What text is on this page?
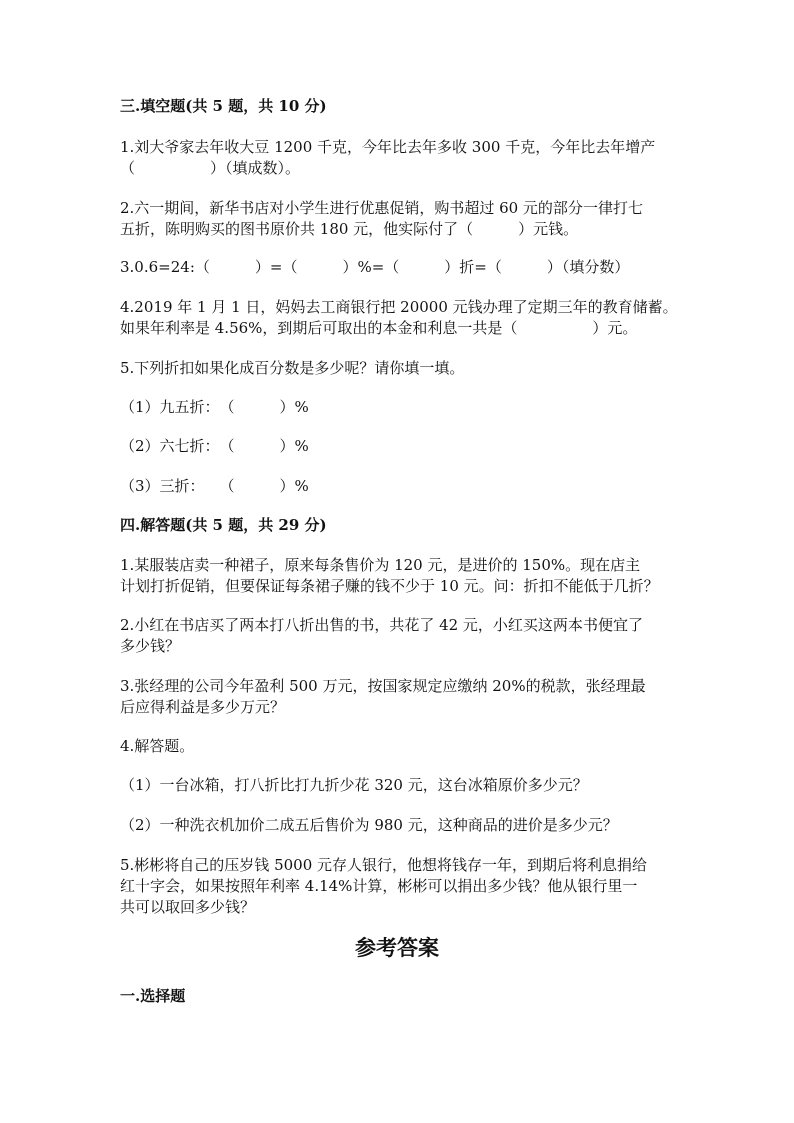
三.填空题(共 5 题，共 10 分)

1.刘大爷家去年收大豆 1200 千克，今年比去年多收 300 千克，今年比去年增产

（　　　　　）（填成数）。

2.六一期间，新华书店对小学生进行优惠促销，购书超过 60 元的部分一律打七

五折，陈明购买的图书原价共 180 元，他实际付了（　　　）元钱。

3.0.6=24:（　　　）=（　　　）%=（　　　）折=（　　　）（填分数）

4.2019 年 1 月 1 日，妈妈去工商银行把 20000 元钱办理了定期三年的教育储蓄。

如果年利率是 4.56%，到期后可取出的本金和利息一共是（　　　　　）元。

5.下列折扣如果化成百分数是多少呢？请你填一填。

（1）九五折：　（　　　）%

（2）六七折：　（　　　）%

（3）三折：　　（　　　）%

四.解答题(共 5 题，共 29 分)

1.某服装店卖一种裙子，原来每条售价为 120 元，是进价的 150%。现在店主

计划打折促销，但要保证每条裙子赚的钱不少于 10 元。问：折扣不能低于几折？

2.小红在书店买了两本打八折出售的书，共花了 42 元，小红买这两本书便宜了

多少钱？

3.张经理的公司今年盈利 500 万元，按国家规定应缴纳 20%的税款，张经理最

后应得利益是多少万元？

4.解答题。

（1）一台冰箱，打八折比打九折少花 320 元，这台冰箱原价多少元？

（2）一种洗衣机加价二成五后售价为 980 元，这种商品的进价是多少元？

5.彬彬将自己的压岁钱 5000 元存人银行，他想将钱存一年，到期后将利息捐给

红十字会，如果按照年利率 4.14%计算，彬彬可以捐出多少钱？他从银行里一

共可以取回多少钱？

参考答案

一.选择题
